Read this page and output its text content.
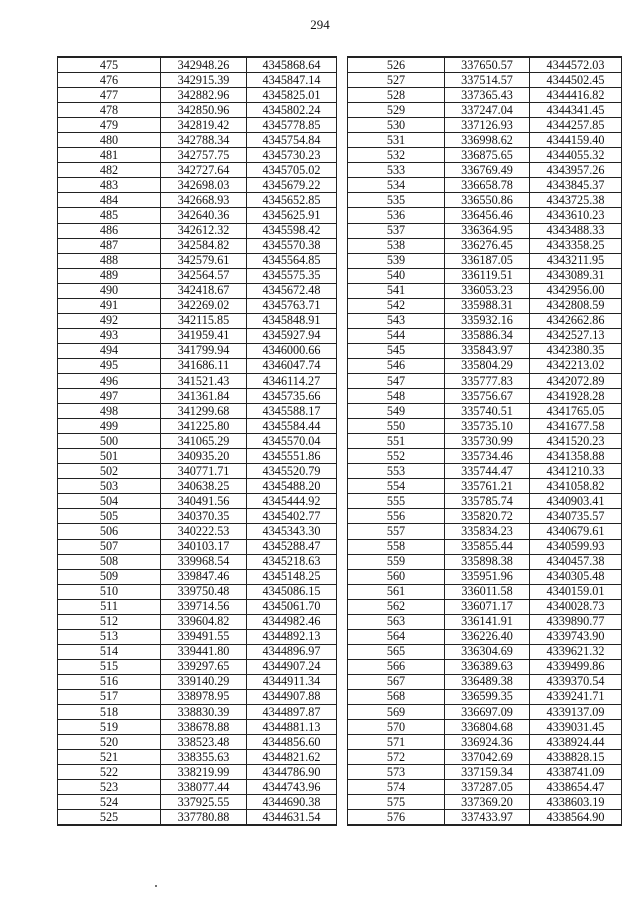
294
475	342948.26	4345868.64
476	342915.39	4345847.14
477	342882.96	4345825.01
478	342850.96	4345802.24
479	342819.42	4345778.85
480	342788.34	4345754.84
481	342757.75	4345730.23
482	342727.64	4345705.02
483	342698.03	4345679.22
484	342668.93	4345652.85
485	342640.36	4345625.91
486	342612.32	4345598.42
487	342584.82	4345570.38
488	342579.61	4345564.85
489	342564.57	4345575.35
490	342418.67	4345672.48
491	342269.02	4345763.71
492	342115.85	4345848.91
493	341959.41	4345927.94
494	341799.94	4346000.66
495	341686.11	4346047.74
496	341521.43	4346114.27
497	341361.84	4345735.66
498	341299.68	4345588.17
499	341225.80	4345584.44
500	341065.29	4345570.04
501	340935.20	4345551.86
502	340771.71	4345520.79
503	340638.25	4345488.20
504	340491.56	4345444.92
505	340370.35	4345402.77
506	340222.53	4345343.30
507	340103.17	4345288.47
508	339968.54	4345218.63
509	339847.46	4345148.25
510	339750.48	4345086.15
511	339714.56	4345061.70
512	339604.82	4344982.46
513	339491.55	4344892.13
514	339441.80	4344896.97
515	339297.65	4344907.24
516	339140.29	4344911.34
517	338978.95	4344907.88
518	338830.39	4344897.87
519	338678.88	4344881.13
520	338523.48	4344856.60
521	338355.63	4344821.62
522	338219.99	4344786.90
523	338077.44	4344743.96
524	337925.55	4344690.38
525	337780.88	4344631.54
526	337650.57	4344572.03
527	337514.57	4344502.45
528	337365.43	4344416.82
529	337247.04	4344341.45
530	337126.93	4344257.85
531	336998.62	4344159.40
532	336875.65	4344055.32
533	336769.49	4343957.26
534	336658.78	4343845.37
535	336550.86	4343725.38
536	336456.46	4343610.23
537	336364.95	4343488.33
538	336276.45	4343358.25
539	336187.05	4343211.95
540	336119.51	4343089.31
541	336053.23	4342956.00
542	335988.31	4342808.59
543	335932.16	4342662.86
544	335886.34	4342527.13
545	335843.97	4342380.35
546	335804.29	4342213.02
547	335777.83	4342072.89
548	335756.67	4341928.28
549	335740.51	4341765.05
550	335735.10	4341677.58
551	335730.99	4341520.23
552	335734.46	4341358.88
553	335744.47	4341210.33
554	335761.21	4341058.82
555	335785.74	4340903.41
556	335820.72	4340735.57
557	335834.23	4340679.61
558	335855.44	4340599.93
559	335898.38	4340457.38
560	335951.96	4340305.48
561	336011.58	4340159.01
562	336071.17	4340028.73
563	336141.91	4339890.77
564	336226.40	4339743.90
565	336304.69	4339621.32
566	336389.63	4339499.86
567	336489.38	4339370.54
568	336599.35	4339241.71
569	336697.09	4339137.09
570	336804.68	4339031.45
571	336924.36	4338924.44
572	337042.69	4338828.15
573	337159.34	4338741.09
574	337287.05	4338654.47
575	337369.20	4338603.19
576	337433.97	4338564.90
